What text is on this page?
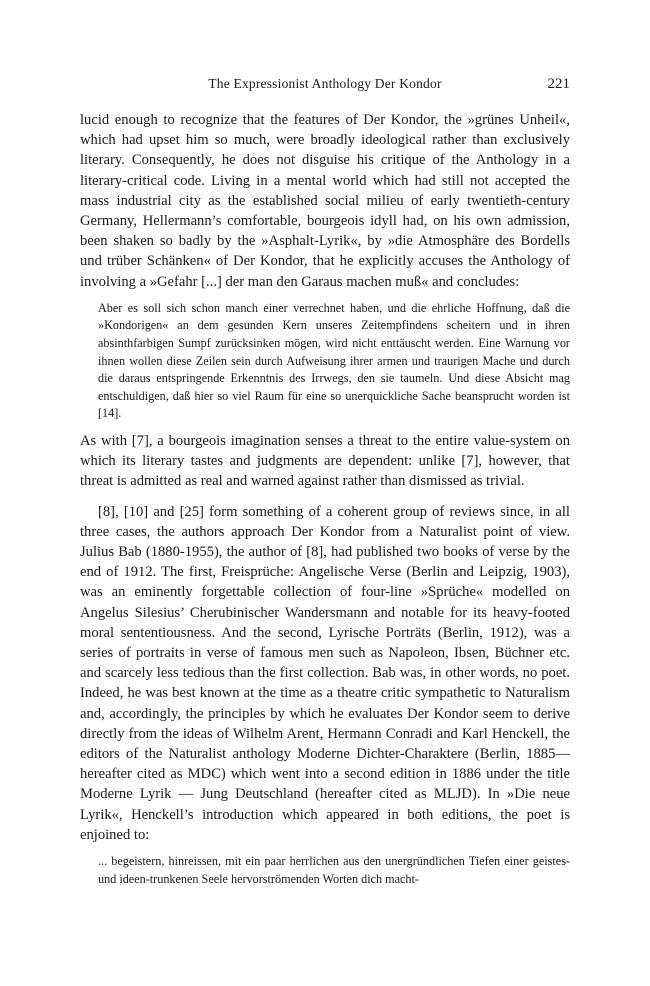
The Expressionist Anthology Der Kondor	221

lucid enough to recognize that the features of Der Kondor, the »grünes Unheil«, which had upset him so much, were broadly ideological rather than exclusively literary. Consequently, he does not disguise his critique of the Anthology in a literary-critical code. Living in a mental world which had still not accepted the mass industrial city as the established social milieu of early twentieth-century Germany, Hellermann’s comfortable, bourgeois idyll had, on his own admission, been shaken so badly by the »Asphalt-Lyrik«, by »die Atmosphäre des Bordells und trüber Schänken« of Der Kondor, that he explicitly accuses the Anthology of involving a »Gefahr [...] der man den Garaus machen muß« and concludes:

Aber es soll sich schon manch einer verrechnet haben, und die ehrliche Hoffnung, daß die »Kondorigen« an dem gesunden Kern unseres Zeitempfindens scheitern und in ihren absinthfarbigen Sumpf zurücksinken mögen, wird nicht enttäuscht werden. Eine Warnung vor ihnen wollen diese Zeilen sein durch Aufweisung ihrer armen und traurigen Mache und durch die daraus entspringende Erkenntnis des Irrwegs, den sie taumeln. Und diese Absicht mag entschuldigen, daß hier so viel Raum für eine so unerquickliche Sache beansprucht worden ist [14].

As with [7], a bourgeois imagination senses a threat to the entire value-system on which its literary tastes and judgments are dependent: unlike [7], however, that threat is admitted as real and warned against rather than dismissed as trivial.

[8], [10] and [25] form something of a coherent group of reviews since, in all three cases, the authors approach Der Kondor from a Naturalist point of view. Julius Bab (1880-1955), the author of [8], had published two books of verse by the end of 1912. The first, Freisprüche: Angelische Verse (Berlin and Leipzig, 1903), was an eminently forgettable collection of four-line »Sprüche« modelled on Angelus Silesius’ Cherubinischer Wandersmann and notable for its heavy-footed moral sententiousness. And the second, Lyrische Porträts (Berlin, 1912), was a series of portraits in verse of famous men such as Napoleon, Ibsen, Büchner etc. and scarcely less tedious than the first collection. Bab was, in other words, no poet. Indeed, he was best known at the time as a theatre critic sympathetic to Naturalism and, accordingly, the principles by which he evaluates Der Kondor seem to derive directly from the ideas of Wilhelm Arent, Hermann Conradi and Karl Henckell, the editors of the Naturalist anthology Moderne Dichter-Charaktere (Berlin, 1885—hereafter cited as MDC) which went into a second edition in 1886 under the title Moderne Lyrik — Jung Deutschland (hereafter cited as MLJD). In »Die neue Lyrik«, Henckell’s introduction which appeared in both editions, the poet is enjoined to:

... begeistern, hinreissen, mit ein paar herrlichen aus den unergründlichen Tiefen einer geistes- und ideen-trunkenen Seele hervorströmenden Worten dich macht-
